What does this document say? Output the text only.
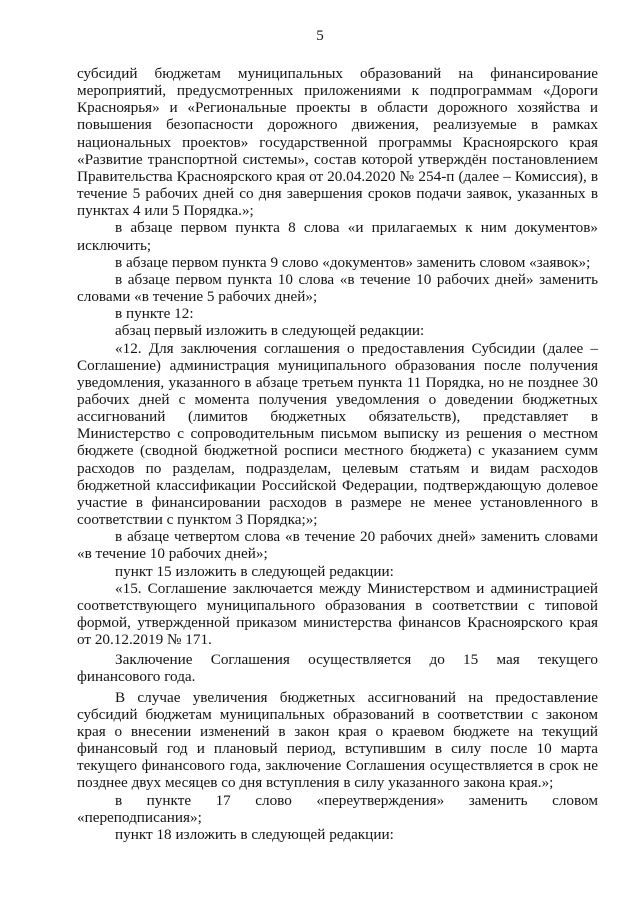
5

субсидий бюджетам муниципальных образований на финансирование мероприятий, предусмотренных приложениями к подпрограммам «Дороги Красноярья» и «Региональные проекты в области дорожного хозяйства и повышения безопасности дорожного движения, реализуемые в рамках национальных проектов» государственной программы Красноярского края «Развитие транспортной системы», состав которой утверждён постановлением Правительства Красноярского края от 20.04.2020 № 254-п (далее – Комиссия), в течение 5 рабочих дней со дня завершения сроков подачи заявок, указанных в пунктах 4 или 5 Порядка.»;

в абзаце первом пункта 8 слова «и прилагаемых к ним документов» исключить;

в абзаце первом пункта 9 слово «документов» заменить словом «заявок»;

в абзаце первом пункта 10 слова «в течение 10 рабочих дней» заменить словами «в течение 5 рабочих дней»;

в пункте 12:

абзац первый изложить в следующей редакции:

«12. Для заключения соглашения о предоставления Субсидии (далее – Соглашение) администрация муниципального образования после получения уведомления, указанного в абзаце третьем пункта 11 Порядка, но не позднее 30 рабочих дней с момента получения уведомления о доведении бюджетных ассигнований (лимитов бюджетных обязательств), представляет в Министерство с сопроводительным письмом выписку из решения о местном бюджете (сводной бюджетной росписи местного бюджета) с указанием сумм расходов по разделам, подразделам, целевым статьям и видам расходов бюджетной классификации Российской Федерации, подтверждающую долевое участие в финансировании расходов в размере не менее установленного в соответствии с пунктом 3 Порядка;»;

в абзаце четвертом слова «в течение 20 рабочих дней» заменить словами «в течение 10 рабочих дней»;

пункт 15 изложить в следующей редакции:

«15. Соглашение заключается между Министерством и администрацией соответствующего муниципального образования в соответствии с типовой формой, утвержденной приказом министерства финансов Красноярского края от 20.12.2019 № 171.

Заключение Соглашения осуществляется до 15 мая текущего финансового года.

В случае увеличения бюджетных ассигнований на предоставление субсидий бюджетам муниципальных образований в соответствии с законом края о внесении изменений в закон края о краевом бюджете на текущий финансовый год и плановый период, вступившим в силу после 10 марта текущего финансового года, заключение Соглашения осуществляется в срок не позднее двух месяцев со дня вступления в силу указанного закона края.»;

в пункте 17 слово «переутверждения» заменить словом «переподписания»;

пункт 18 изложить в следующей редакции:
